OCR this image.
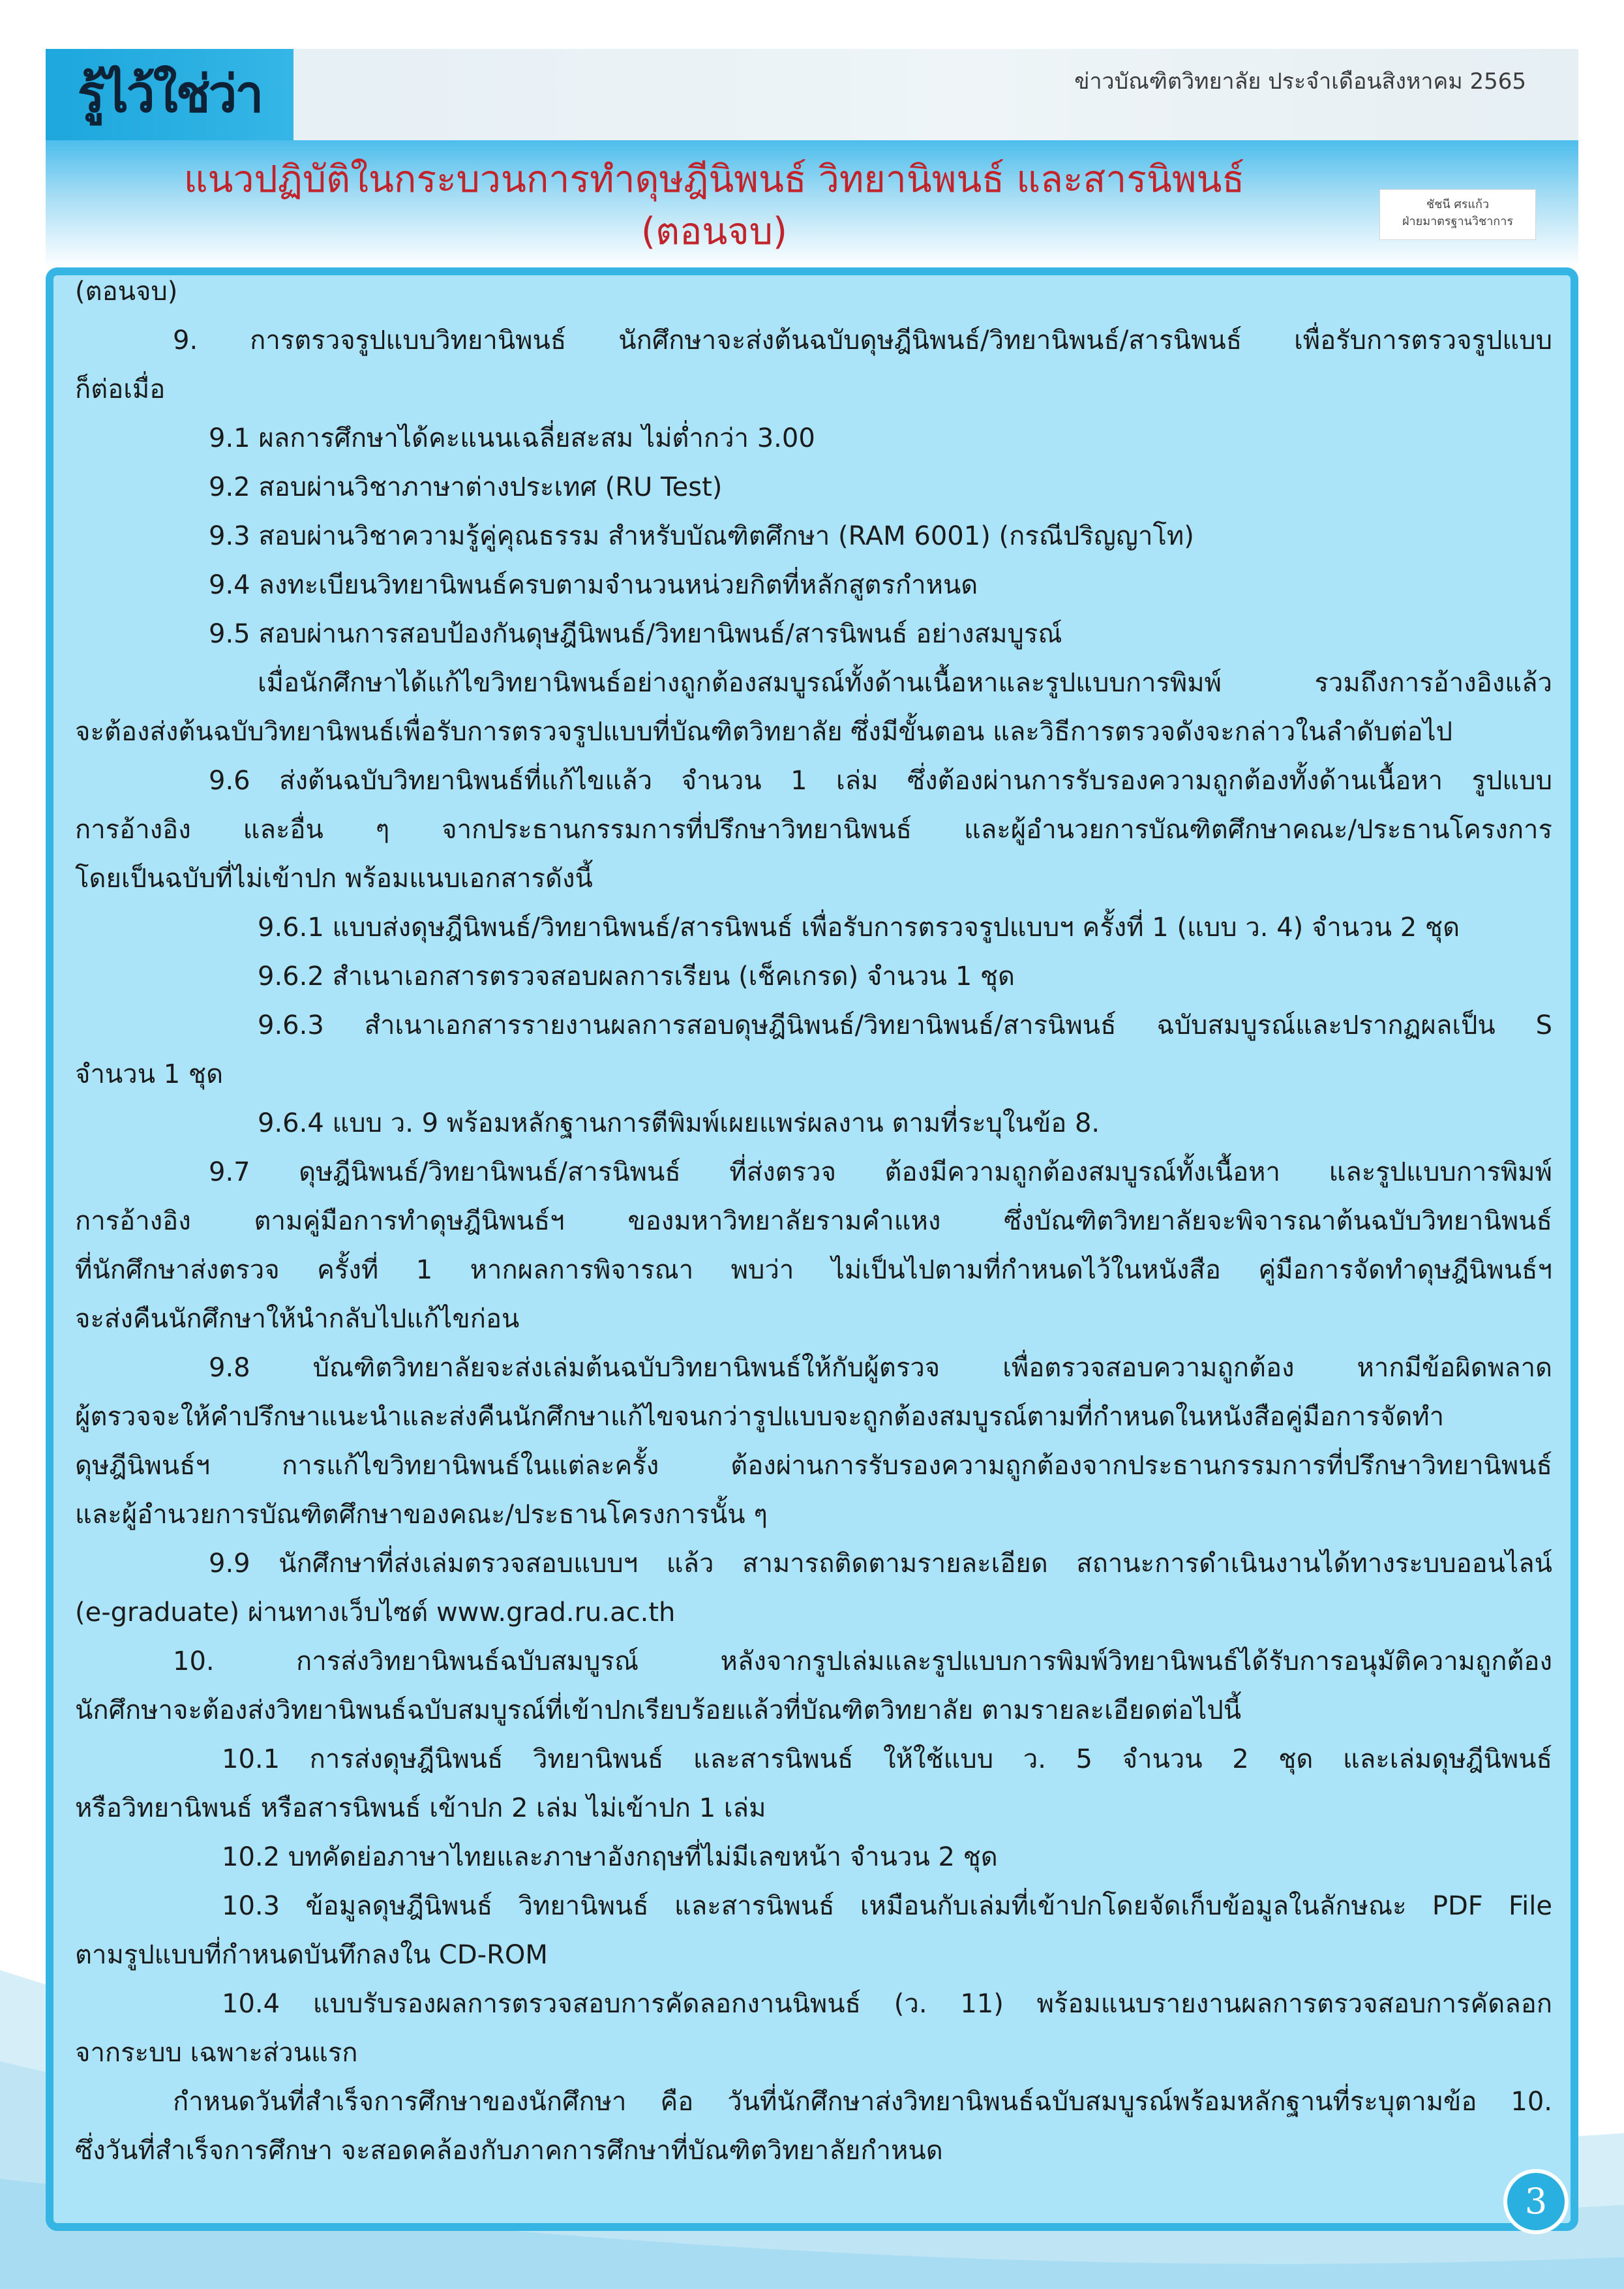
รู้ไว้ใช่ว่า	ข่าวบัณฑิตวิทยาลัย ประจำเดือนสิงหาคม 2565
แนวปฏิบัติในกระบวนการทำดุษฎีนิพนธ์ วิทยานิพนธ์ และสารนิพนธ์
(ตอนจบ)
ชัชนี ศรแก้ว
ฝ่ายมาตรฐานวิชาการ

(ตอนจบ)

9. การตรวจรูปแบบวิทยานิพนธ์ นักศึกษาจะส่งต้นฉบับดุษฎีนิพนธ์/วิทยานิพนธ์/สารนิพนธ์ เพื่อรับการตรวจรูปแบบ

ก็ต่อเมื่อ

9.1 ผลการศึกษาได้คะแนนเฉลี่ยสะสม ไม่ต่ำกว่า 3.00

9.2 สอบผ่านวิชาภาษาต่างประเทศ (RU Test)

9.3 สอบผ่านวิชาความรู้คู่คุณธรรม สำหรับบัณฑิตศึกษา (RAM 6001) (กรณีปริญญาโท)

9.4 ลงทะเบียนวิทยานิพนธ์ครบตามจำนวนหน่วยกิตที่หลักสูตรกำหนด

9.5 สอบผ่านการสอบป้องกันดุษฎีนิพนธ์/วิทยานิพนธ์/สารนิพนธ์ อย่างสมบูรณ์

เมื่อนักศึกษาได้แก้ไขวิทยานิพนธ์อย่างถูกต้องสมบูรณ์ทั้งด้านเนื้อหาและรูปแบบการพิมพ์ รวมถึงการอ้างอิงแล้ว

จะต้องส่งต้นฉบับวิทยานิพนธ์เพื่อรับการตรวจรูปแบบที่บัณฑิตวิทยาลัย ซึ่งมีขั้นตอน และวิธีการตรวจดังจะกล่าวในลำดับต่อไป

9.6 ส่งต้นฉบับวิทยานิพนธ์ที่แก้ไขแล้ว จำนวน 1 เล่ม ซึ่งต้องผ่านการรับรองความถูกต้องทั้งด้านเนื้อหา รูปแบบ

การอ้างอิง และอื่น ๆ จากประธานกรรมการที่ปรึกษาวิทยานิพนธ์ และผู้อำนวยการบัณฑิตศึกษาคณะ/ประธานโครงการ

โดยเป็นฉบับที่ไม่เข้าปก พร้อมแนบเอกสารดังนี้

9.6.1 แบบส่งดุษฎีนิพนธ์/วิทยานิพนธ์/สารนิพนธ์ เพื่อรับการตรวจรูปแบบฯ ครั้งที่ 1 (แบบ ว. 4) จำนวน 2 ชุด

9.6.2 สำเนาเอกสารตรวจสอบผลการเรียน (เช็คเกรด) จำนวน 1 ชุด

9.6.3 สำเนาเอกสารรายงานผลการสอบดุษฎีนิพนธ์/วิทยานิพนธ์/สารนิพนธ์ ฉบับสมบูรณ์และปรากฏผลเป็น S

จำนวน 1 ชุด

9.6.4 แบบ ว. 9 พร้อมหลักฐานการตีพิมพ์เผยแพร่ผลงาน ตามที่ระบุในข้อ 8.

9.7 ดุษฎีนิพนธ์/วิทยานิพนธ์/สารนิพนธ์ ที่ส่งตรวจ ต้องมีความถูกต้องสมบูรณ์ทั้งเนื้อหา และรูปแบบการพิมพ์

การอ้างอิง ตามคู่มือการทำดุษฎีนิพนธ์ฯ ของมหาวิทยาลัยรามคำแหง ซึ่งบัณฑิตวิทยาลัยจะพิจารณาต้นฉบับวิทยานิพนธ์

ที่นักศึกษาส่งตรวจ ครั้งที่ 1 หากผลการพิจารณา พบว่า ไม่เป็นไปตามที่กำหนดไว้ในหนังสือ คู่มือการจัดทำดุษฎีนิพนธ์ฯ

จะส่งคืนนักศึกษาให้นำกลับไปแก้ไขก่อน

9.8 บัณฑิตวิทยาลัยจะส่งเล่มต้นฉบับวิทยานิพนธ์ให้กับผู้ตรวจ เพื่อตรวจสอบความถูกต้อง หากมีข้อผิดพลาด

ผู้ตรวจจะให้คำปรึกษาแนะนำและส่งคืนนักศึกษาแก้ไขจนกว่ารูปแบบจะถูกต้องสมบูรณ์ตามที่กำหนดในหนังสือคู่มือการจัดทำ

ดุษฎีนิพนธ์ฯ การแก้ไขวิทยานิพนธ์ในแต่ละครั้ง ต้องผ่านการรับรองความถูกต้องจากประธานกรรมการที่ปรึกษาวิทยานิพนธ์

และผู้อำนวยการบัณฑิตศึกษาของคณะ/ประธานโครงการนั้น ๆ

9.9 นักศึกษาที่ส่งเล่มตรวจสอบแบบฯ แล้ว สามารถติดตามรายละเอียด สถานะการดำเนินงานได้ทางระบบออนไลน์

(e-graduate) ผ่านทางเว็บไซต์ www.grad.ru.ac.th

10. การส่งวิทยานิพนธ์ฉบับสมบูรณ์ หลังจากรูปเล่มและรูปแบบการพิมพ์วิทยานิพนธ์ได้รับการอนุมัติความถูกต้อง

นักศึกษาจะต้องส่งวิทยานิพนธ์ฉบับสมบูรณ์ที่เข้าปกเรียบร้อยแล้วที่บัณฑิตวิทยาลัย ตามรายละเอียดต่อไปนี้

10.1 การส่งดุษฎีนิพนธ์ วิทยานิพนธ์ และสารนิพนธ์ ให้ใช้แบบ ว. 5 จำนวน 2 ชุด และเล่มดุษฎีนิพนธ์

หรือวิทยานิพนธ์ หรือสารนิพนธ์ เข้าปก 2 เล่ม ไม่เข้าปก 1 เล่ม

10.2 บทคัดย่อภาษาไทยและภาษาอังกฤษที่ไม่มีเลขหน้า จำนวน 2 ชุด

10.3 ข้อมูลดุษฎีนิพนธ์ วิทยานิพนธ์ และสารนิพนธ์ เหมือนกับเล่มที่เข้าปกโดยจัดเก็บข้อมูลในลักษณะ PDF File

ตามรูปแบบที่กำหนดบันทึกลงใน CD-ROM

10.4 แบบรับรองผลการตรวจสอบการคัดลอกงานนิพนธ์ (ว. 11) พร้อมแนบรายงานผลการตรวจสอบการคัดลอก

จากระบบ เฉพาะส่วนแรก

กำหนดวันที่สำเร็จการศึกษาของนักศึกษา คือ วันที่นักศึกษาส่งวิทยานิพนธ์ฉบับสมบูรณ์พร้อมหลักฐานที่ระบุตามข้อ 10.

ซึ่งวันที่สำเร็จการศึกษา จะสอดคล้องกับภาคการศึกษาที่บัณฑิตวิทยาลัยกำหนด

3
